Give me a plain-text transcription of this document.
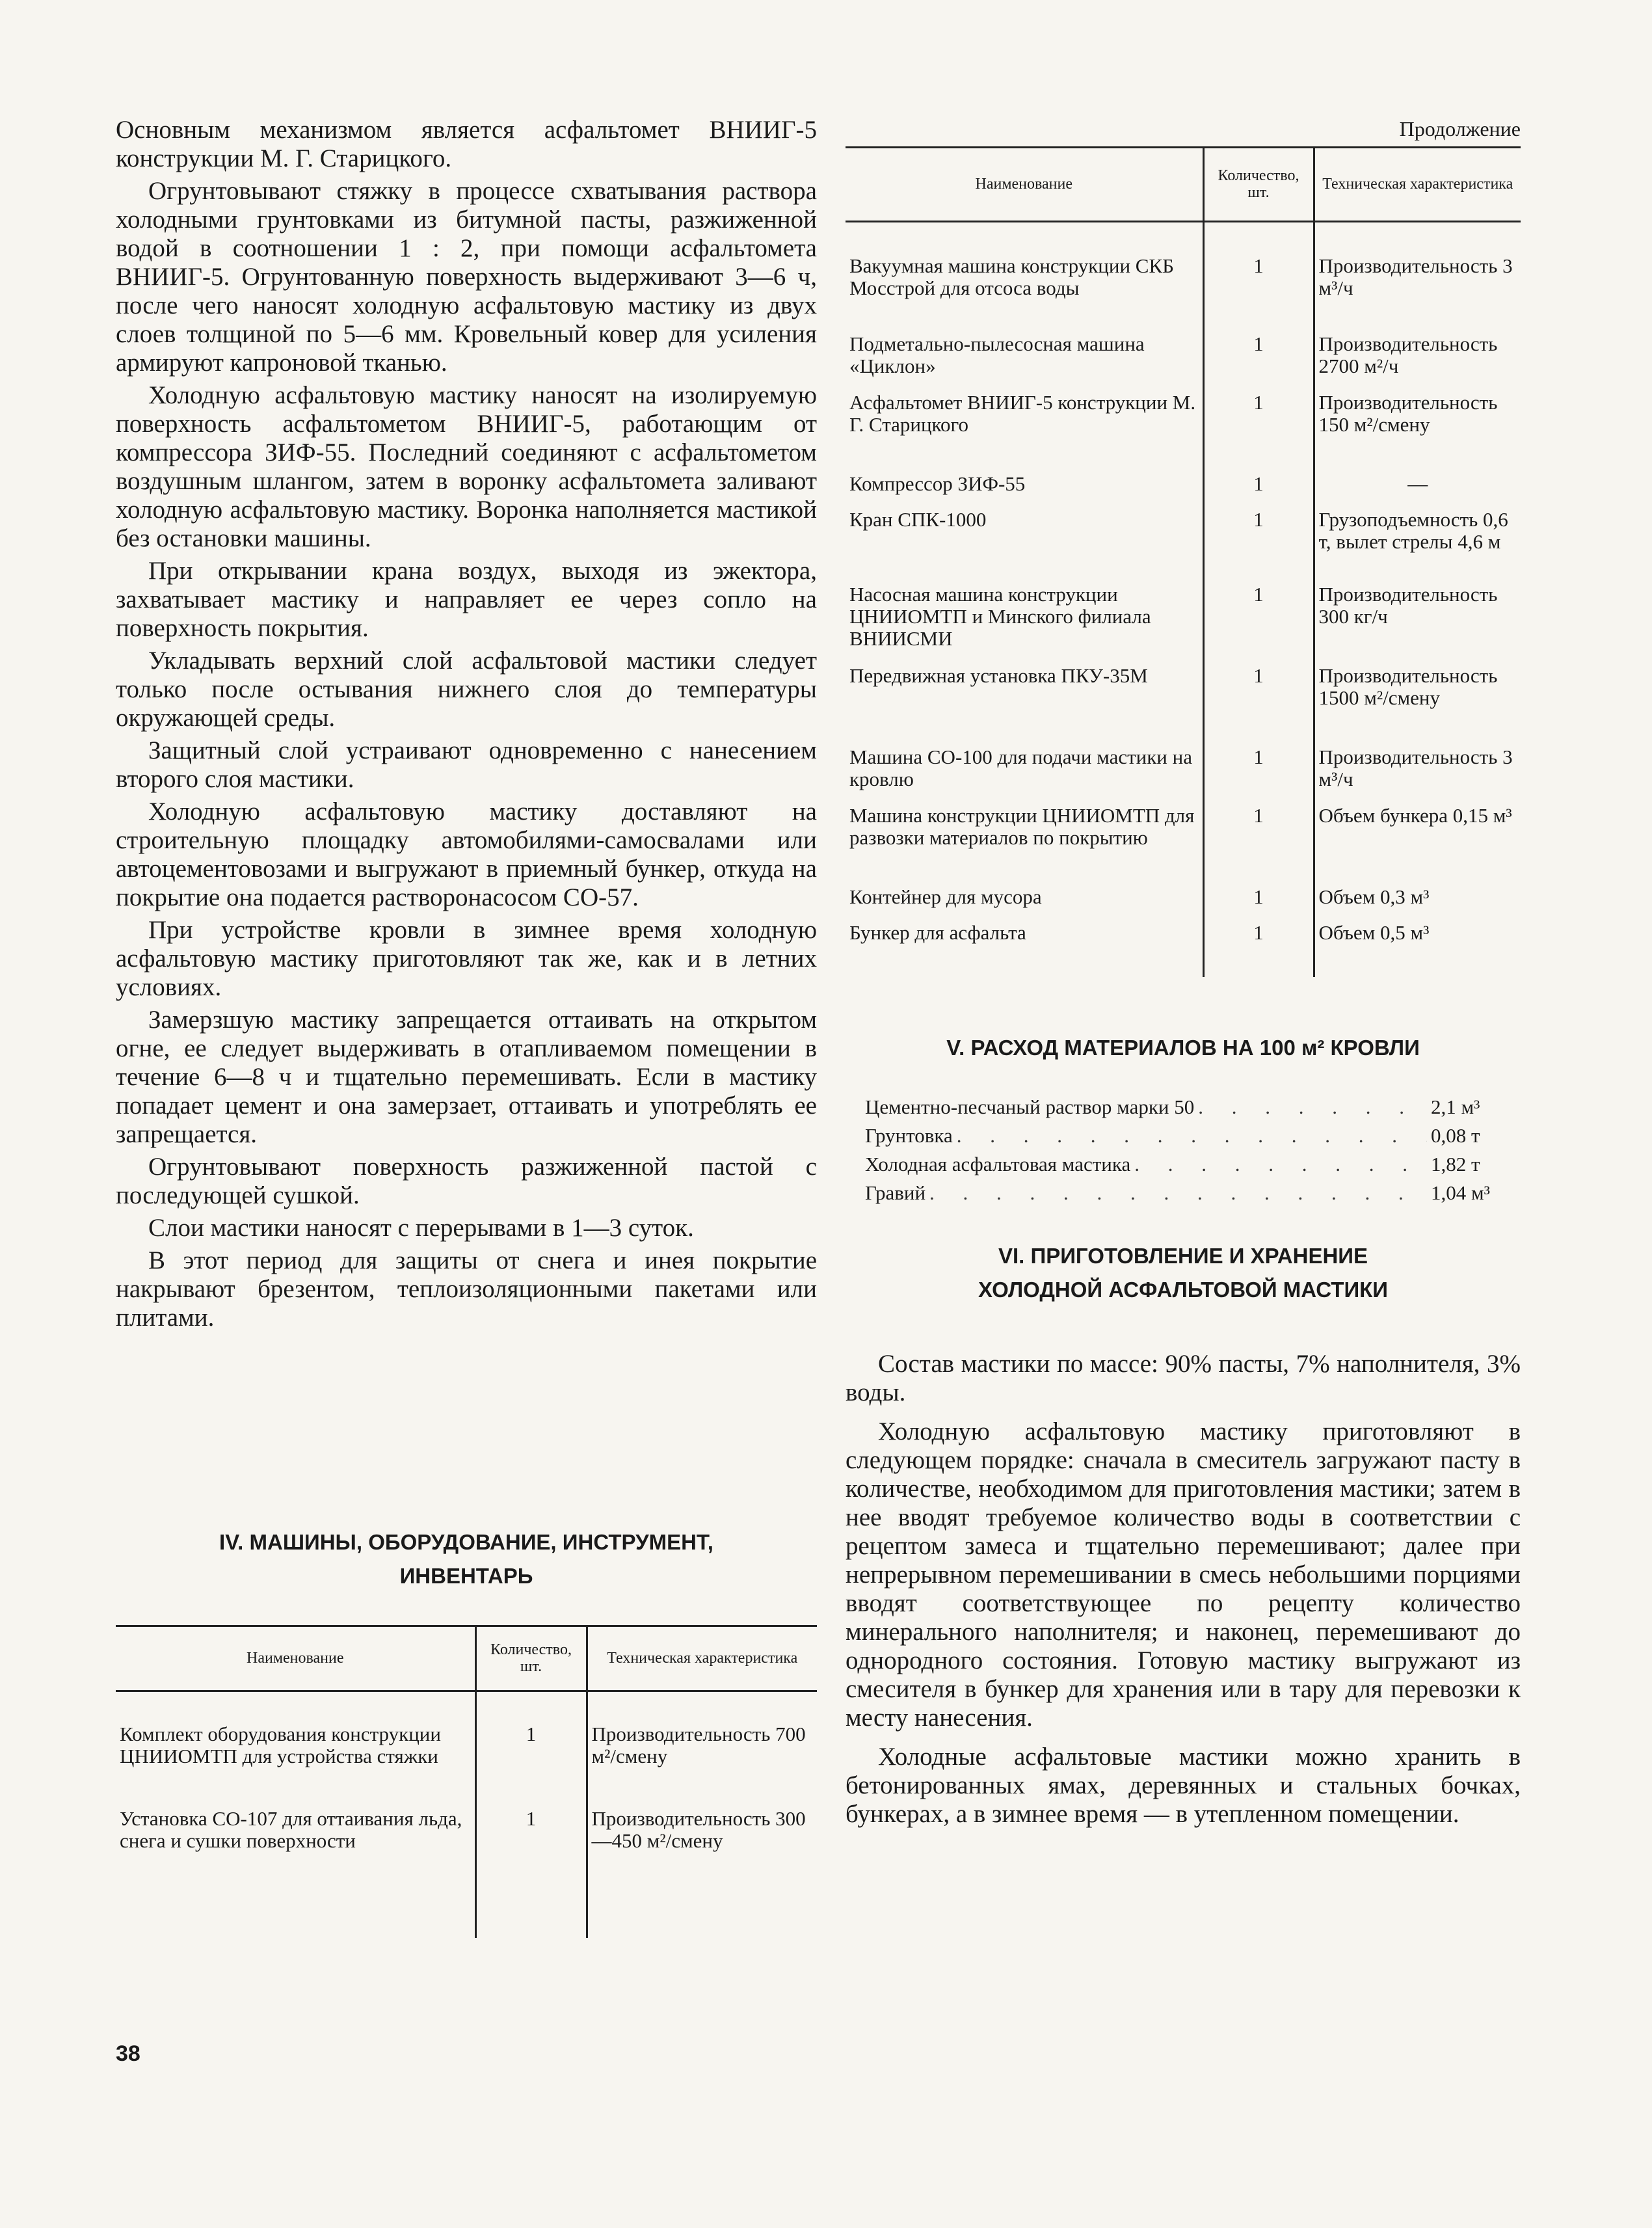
Основным механизмом является асфальтомет ВНИИГ-5 конструкции М. Г. Старицкого.

Огрунтовывают стяжку в процессе схватывания раствора холодными грунтовками из битумной пасты, разжиженной водой в соотношении 1 : 2, при помощи асфальтомета ВНИИГ-5. Огрунтованную поверхность выдерживают 3—6 ч, после чего наносят холодную асфальтовую мастику из двух слоев толщиной по 5—6 мм. Кровельный ковер для усиления армируют капроновой тканью.

Холодную асфальтовую мастику наносят на изолируемую поверхность асфальтометом ВНИИГ-5, работающим от компрессора ЗИФ-55. Последний соединяют с асфальтометом воздушным шлангом, затем в воронку асфальтомета заливают холодную асфальтовую мастику. Воронка наполняется мастикой без остановки машины.

При открывании крана воздух, выходя из эжектора, захватывает мастику и направляет ее через сопло на поверхность покрытия.

Укладывать верхний слой асфальтовой мастики следует только после остывания нижнего слоя до температуры окружающей среды.

Защитный слой устраивают одновременно с нанесением второго слоя мастики.

Холодную асфальтовую мастику доставляют на строительную площадку автомобилями-самосвалами или автоцементовозами и выгружают в приемный бункер, откуда на покрытие она подается растворонасосом СО-57.

При устройстве кровли в зимнее время холодную асфальтовую мастику приготовляют так же, как и в летних условиях.

Замерзшую мастику запрещается оттаивать на открытом огне, ее следует выдерживать в отапливаемом помещении в течение 6—8 ч и тщательно перемешивать. Если в мастику попадает цемент и она замерзает, оттаивать и употреблять ее запрещается.

Огрунтовывают поверхность разжиженной пастой с последующей сушкой.

Слои мастики наносят с перерывами в 1—3 суток.

В этот период для защиты от снега и инея покрытие накрывают брезентом, теплоизоляционными пакетами или плитами.

IV. МАШИНЫ, ОБОРУДОВАНИЕ, ИНСТРУМЕНТ,
ИНВЕНТАРЬ
Наименование	Количество, шт.	Техническая характеристика

Комплект оборудования конструкции ЦНИИОМТП для устройства стяжки	1	Производительность 700 м²/смену
Установка СО-107 для оттаивания льда, снега и сушки поверхности	1	Производительность 300—450 м²/смену
38
Продолжение
Наименование	Количество, шт.	Техническая характеристика

Вакуумная машина конструкции СКБ Мосстрой для отсоса воды	1	Производительность 3 м³/ч
Подметально-пылесосная машина «Циклон»	1	Производительность 2700 м²/ч
Асфальтомет ВНИИГ-5 конструкции М. Г. Старицкого	1	Производительность 150 м²/смену
Компрессор ЗИФ-55	1	—
Кран СПК-1000	1	Грузоподъемность 0,6 т, вылет стрелы 4,6 м
Насосная машина конструкции ЦНИИОМТП и Минского филиала ВНИИСМИ	1	Производительность 300 кг/ч
Передвижная установка ПКУ-35М	1	Производительность 1500 м²/смену
Машина СО-100 для подачи мастики на кровлю	1	Производительность 3 м³/ч
Машина конструкции ЦНИИОМТП для развозки материалов по покрытию	1	Объем бункера 0,15 м³
Контейнер для мусора	1	Объем 0,3 м³
Бункер для асфальта	1	Объем 0,5 м³
V. РАСХОД МАТЕРИАЛОВ НА 100 м² КРОВЛИ
Цементно-песчаный раствор марки 50 . . .	2,1 м³
Грунтовка . . .	0,08 т
Холодная асфальтовая мастика . . .	1,82 т
Гравий . . .	1,04 м³
VI. ПРИГОТОВЛЕНИЕ И ХРАНЕНИЕ
ХОЛОДНОЙ АСФАЛЬТОВОЙ МАСТИКИ

Состав мастики по массе: 90% пасты, 7% наполнителя, 3% воды.

Холодную асфальтовую мастику приготовляют в следующем порядке: сначала в смеситель загружают пасту в количестве, необходимом для приготовления мастики; затем в нее вводят требуемое количество воды в соответствии с рецептом замеса и тщательно перемешивают; далее при непрерывном перемешивании в смесь небольшими порциями вводят соответствующее по рецепту количество минерального наполнителя; и наконец, перемешивают до однородного состояния. Готовую мастику выгружают из смесителя в бункер для хранения или в тару для перевозки к месту нанесения.

Холодные асфальтовые мастики можно хранить в бетонированных ямах, деревянных и стальных бочках, бункерах, а в зимнее время — в утепленном помещении.
